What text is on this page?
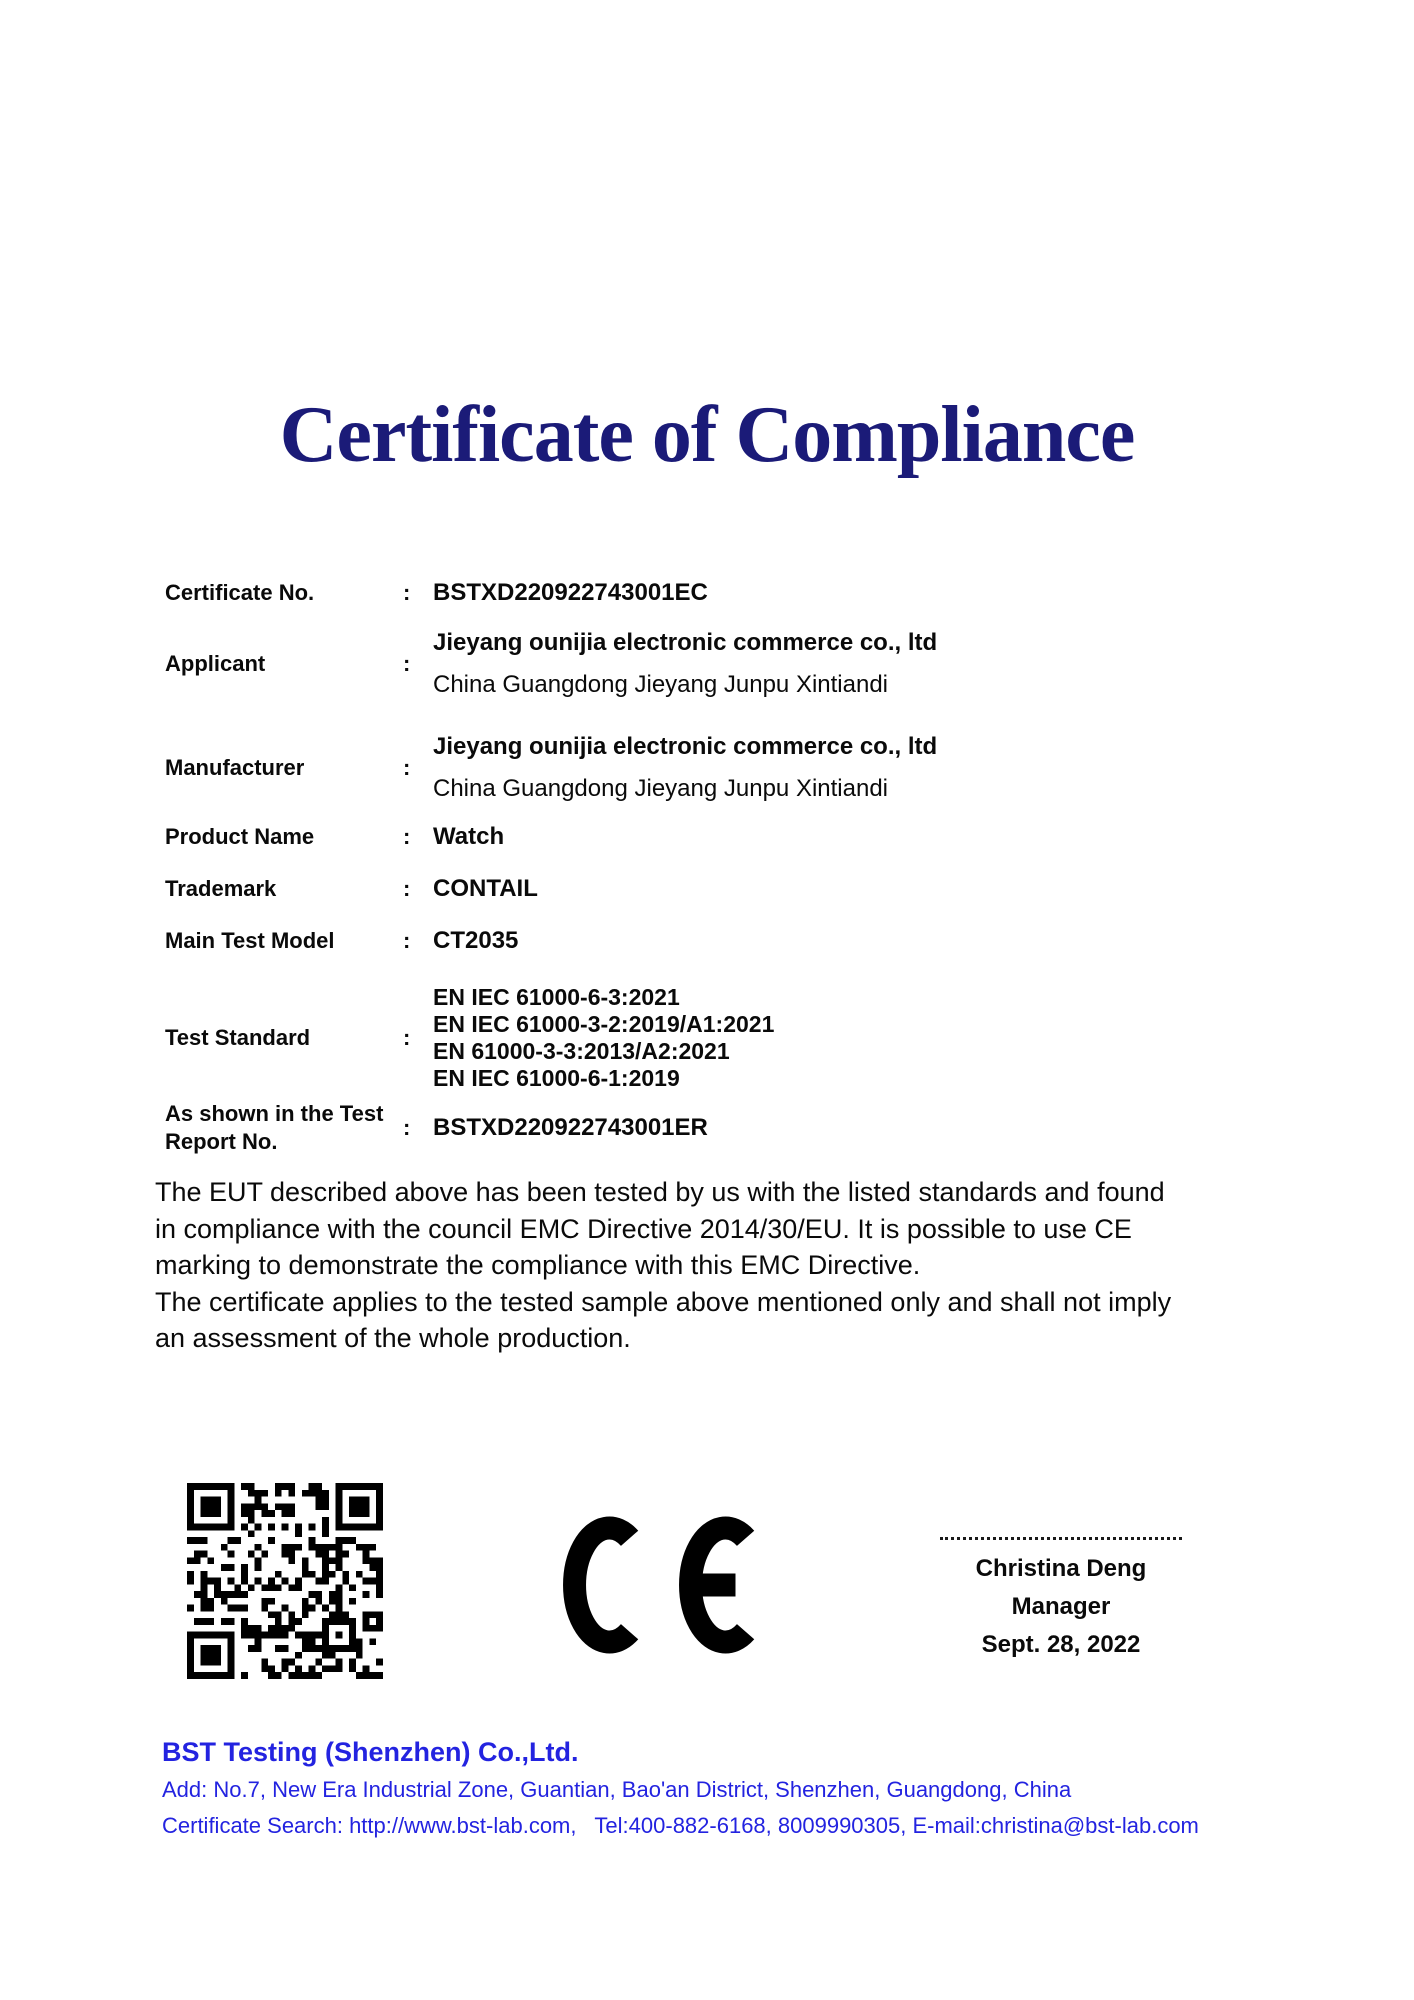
Certificate of Compliance
Certificate No.	: BSTXD220922743001EC
Applicant	:
Jieyang ounijia electronic commerce co., ltd
China Guangdong Jieyang Junpu Xintiandi
Manufacturer	:
Jieyang ounijia electronic commerce co., ltd
China Guangdong Jieyang Junpu Xintiandi
Product Name	: Watch
Trademark	: CONTAIL
Main Test Model	: CT2035
Test Standard	:
EN IEC 61000-6-3:2021
EN IEC 61000-3-2:2019/A1:2021
EN 61000-3-3:2013/A2:2021
EN IEC 61000-6-1:2019
As shown in the Test Report No.
: BSTXD220922743001ER
The EUT described above has been tested by us with the listed standards and found
in compliance with the council EMC Directive 2014/30/EU. It is possible to use CE
marking to demonstrate the compliance with this EMC Directive.
The certificate applies to the tested sample above mentioned only and shall not imply
an assessment of the whole production.
Christina Deng
Manager
Sept. 28, 2022
BST Testing (Shenzhen) Co.,Ltd.
Add: No.7, New Era Industrial Zone, Guantian, Bao'an District, Shenzhen, Guangdong, China
Certificate Search: http://www.bst-lab.com,   Tel:400-882-6168, 8009990305, E-mail:christina@bst-lab.com
